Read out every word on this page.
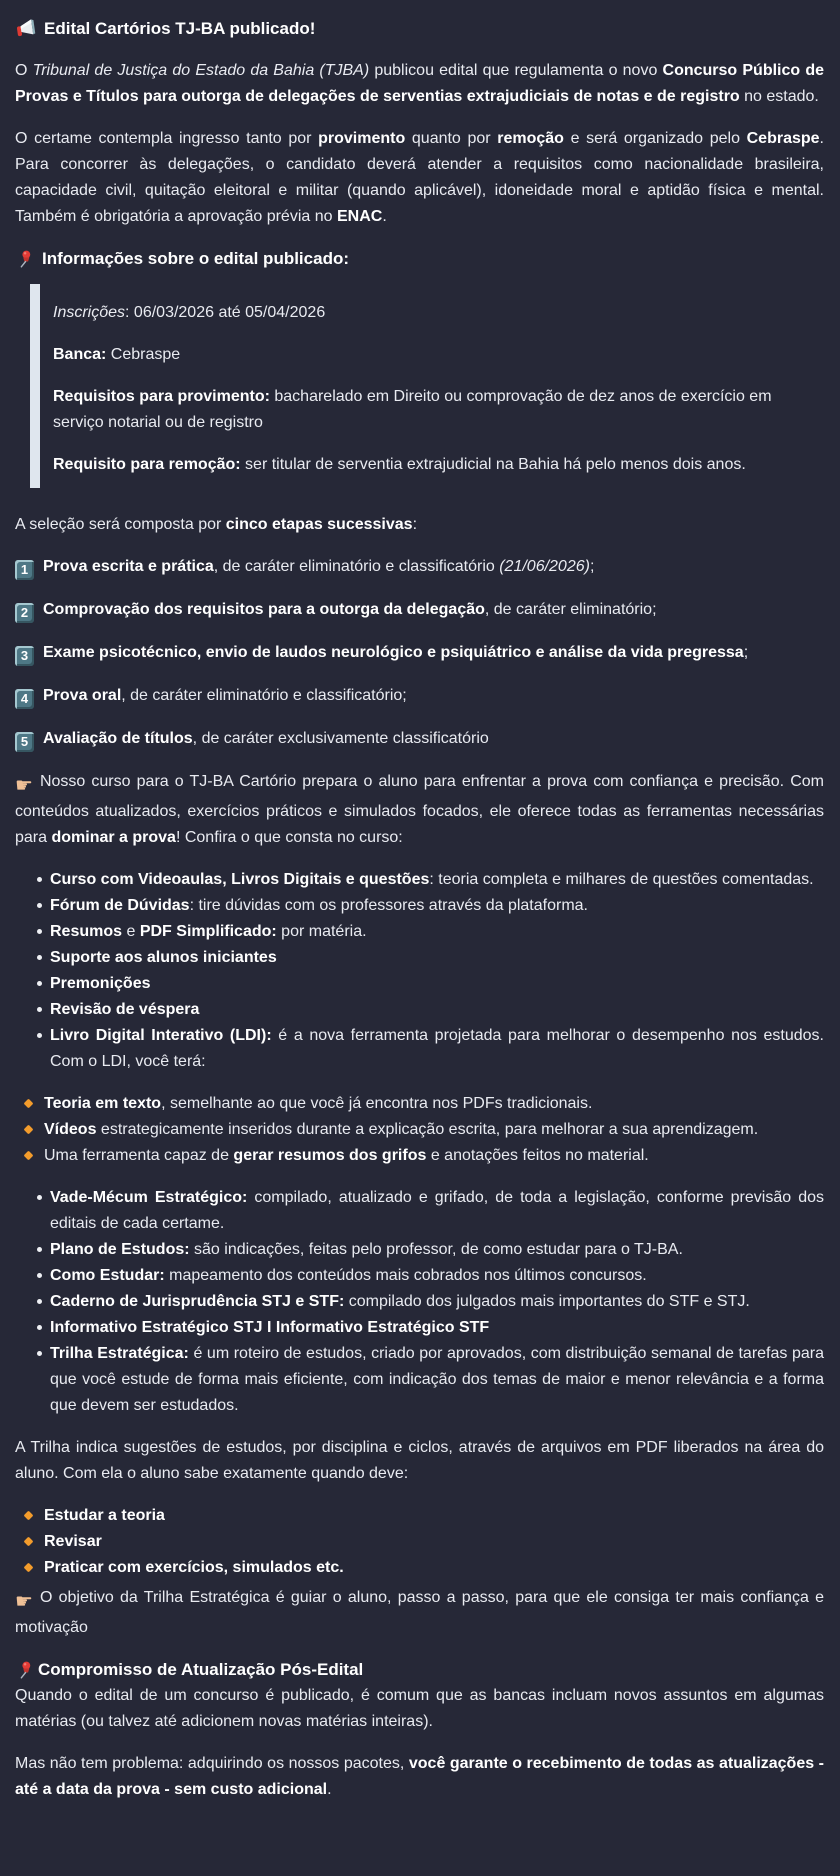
Edital Cartórios TJ-BA publicado!

O Tribunal de Justiça do Estado da Bahia (TJBA) publicou edital que regulamenta o novo Concurso Público de Provas e Títulos para outorga de delegações de serventias extrajudiciais de notas e de registro no estado.

O certame contempla ingresso tanto por provimento quanto por remoção e será organizado pelo Cebraspe. Para concorrer às delegações, o candidato deverá atender a requisitos como nacionalidade brasileira, capacidade civil, quitação eleitoral e militar (quando aplicável), idoneidade moral e aptidão física e mental. Também é obrigatória a aprovação prévia no ENAC.

Informações sobre o edital publicado:
Inscrições: 06/03/2026 até 05/04/2026
Banca: Cebraspe
Requisitos para provimento: bacharelado em Direito ou comprovação de dez anos de exercício em serviço notarial ou de registro
Requisito para remoção: ser titular de serventia extrajudicial na Bahia há pelo menos dois anos.

A seleção será composta por cinco etapas sucessivas:

1 Prova escrita e prática, de caráter eliminatório e classificatório (21/06/2026);

2 Comprovação dos requisitos para a outorga da delegação, de caráter eliminatório;

3 Exame psicotécnico, envio de laudos neurológico e psiquiátrico e análise da vida pregressa;

4 Prova oral, de caráter eliminatório e classificatório;

5 Avaliação de títulos, de caráter exclusivamente classificatório

☛ Nosso curso para o TJ-BA Cartório prepara o aluno para enfrentar a prova com confiança e precisão. Com conteúdos atualizados, exercícios práticos e simulados focados, ele oferece todas as ferramentas necessárias para dominar a prova! Confira o que consta no curso:

Curso com Videoaulas, Livros Digitais e questões: teoria completa e milhares de questões comentadas.
Fórum de Dúvidas: tire dúvidas com os professores através da plataforma.
Resumos e PDF Simplificado: por matéria.
Suporte aos alunos iniciantes
Premonições
Revisão de véspera
Livro Digital Interativo (LDI): é a nova ferramenta projetada para melhorar o desempenho nos estudos. Com o LDI, você terá:
Teoria em texto, semelhante ao que você já encontra nos PDFs tradicionais.
Vídeos estrategicamente inseridos durante a explicação escrita, para melhorar a sua aprendizagem.
Uma ferramenta capaz de gerar resumos dos grifos e anotações feitos no material.
Vade-Mécum Estratégico: compilado, atualizado e grifado, de toda a legislação, conforme previsão dos editais de cada certame.
Plano de Estudos: são indicações, feitas pelo professor, de como estudar para o TJ-BA.
Como Estudar: mapeamento dos conteúdos mais cobrados nos últimos concursos.
Caderno de Jurisprudência STJ e STF: compilado dos julgados mais importantes do STF e STJ.
Informativo Estratégico STJ I Informativo Estratégico STF
Trilha Estratégica: é um roteiro de estudos, criado por aprovados, com distribuição semanal de tarefas para que você estude de forma mais eficiente, com indicação dos temas de maior e menor relevância e a forma que devem ser estudados.

A Trilha indica sugestões de estudos, por disciplina e ciclos, através de arquivos em PDF liberados na área do aluno. Com ela o aluno sabe exatamente quando deve:

Estudar a teoria
Revisar
Praticar com exercícios, simulados etc.

☛ O objetivo da Trilha Estratégica é guiar o aluno, passo a passo, para que ele consiga ter mais confiança e motivação

Compromisso de Atualização Pós-Edital

Quando o edital de um concurso é publicado, é comum que as bancas incluam novos assuntos em algumas matérias (ou talvez até adicionem novas matérias inteiras).

Mas não tem problema: adquirindo os nossos pacotes, você garante o recebimento de todas as atualizações - até a data da prova - sem custo adicional.
